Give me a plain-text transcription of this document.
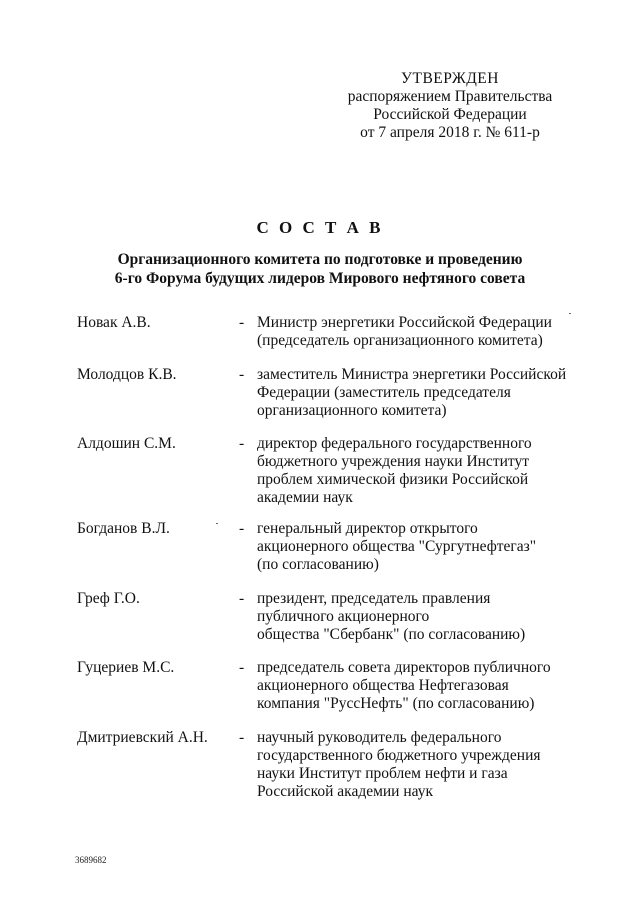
УТВЕРЖДЕН
распоряжением Правительства
Российской Федерации
от 7 апреля 2018 г. № 611-р
С О С Т А В
Организационного комитета по подготовке и проведению
6-го Форума будущих лидеров Мирового нефтяного совета
Новак А.В.	- Министр энергетики Российской Федерации
(председатель организационного комитета)
Молодцов К.В.	- заместитель Министра энергетики Российской
Федерации (заместитель председателя
организационного комитета)
Алдошин С.М.	- директор федерального государственного
бюджетного учреждения науки Институт
проблем химической физики Российской
академии наук
Богданов В.Л.	- генеральный директор открытого
акционерного общества "Сургутнефтегаз"
(по согласованию)
Греф Г.О.	- президент, председатель правления
публичного акционерного
общества "Сбербанк" (по согласованию)
Гуцериев М.С.	- председатель совета директоров публичного
акционерного общества Нефтегазовая
компания "РуссНефть" (по согласованию)
Дмитриевский А.Н.	- научный руководитель федерального
государственного бюджетного учреждения
науки Институт проблем нефти и газа
Российской академии наук
3689682
